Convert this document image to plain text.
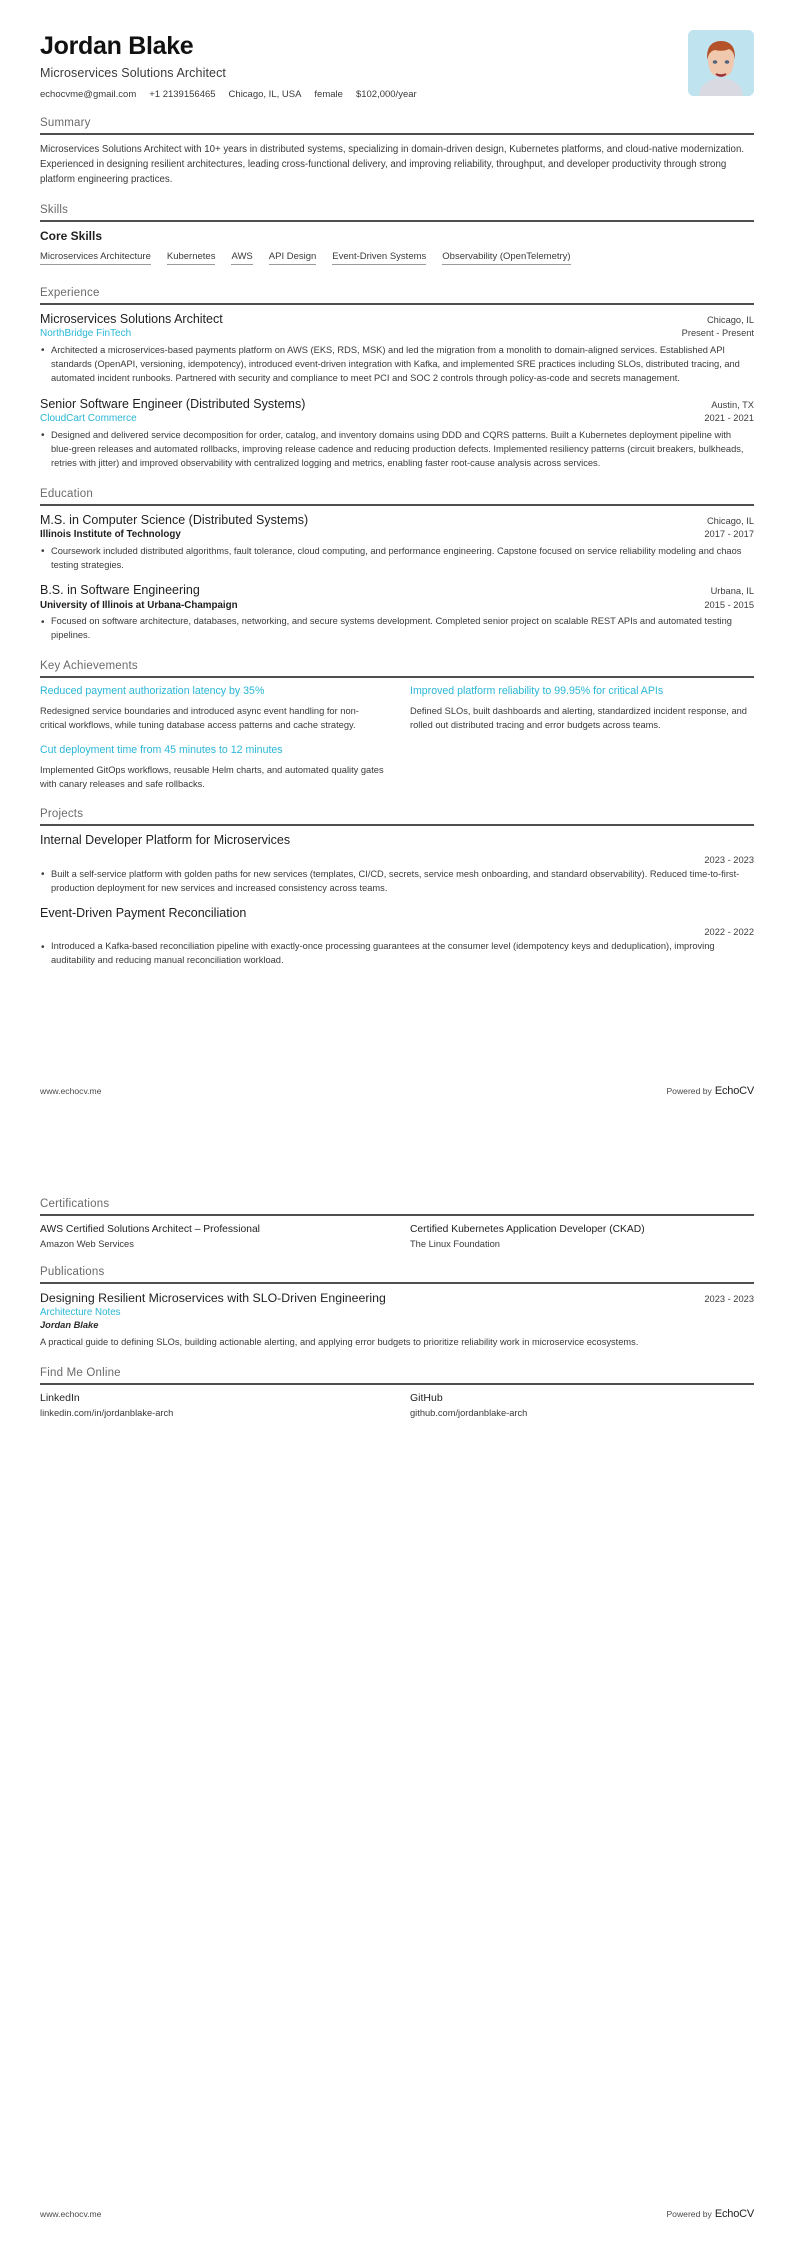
Jordan Blake
Microservices Solutions Architect
echocvme@gmail.com +1 2139156465 Chicago, IL, USA female $102,000/year
Summary
Microservices Solutions Architect with 10+ years in distributed systems, specializing in domain-driven design, Kubernetes platforms, and cloud-native modernization. Experienced in designing resilient architectures, leading cross-functional delivery, and improving reliability, throughput, and developer productivity through strong platform engineering practices.
Skills
Core Skills
Microservices Architecture Kubernetes AWS API Design Event-Driven Systems Observability (OpenTelemetry)
Experience
Microservices Solutions Architect	Chicago, IL
NorthBridge FinTech	Present - Present
• Architected a microservices-based payments platform on AWS (EKS, RDS, MSK) and led the migration from a monolith to domain-aligned services. Established API standards (OpenAPI, versioning, idempotency), introduced event-driven integration with Kafka, and implemented SRE practices including SLOs, distributed tracing, and automated incident runbooks. Partnered with security and compliance to meet PCI and SOC 2 controls through policy-as-code and secrets management.
Senior Software Engineer (Distributed Systems)	Austin, TX
CloudCart Commerce	2021 - 2021
• Designed and delivered service decomposition for order, catalog, and inventory domains using DDD and CQRS patterns. Built a Kubernetes deployment pipeline with blue-green releases and automated rollbacks, improving release cadence and reducing production defects. Implemented resiliency patterns (circuit breakers, bulkheads, retries with jitter) and improved observability with centralized logging and metrics, enabling faster root-cause analysis across services.
Education
M.S. in Computer Science (Distributed Systems)	Chicago, IL
Illinois Institute of Technology	2017 - 2017
• Coursework included distributed algorithms, fault tolerance, cloud computing, and performance engineering. Capstone focused on service reliability modeling and chaos testing strategies.
B.S. in Software Engineering	Urbana, IL
University of Illinois at Urbana-Champaign	2015 - 2015
• Focused on software architecture, databases, networking, and secure systems development. Completed senior project on scalable REST APIs and automated testing pipelines.
Key Achievements
Reduced payment authorization latency by 35%
Redesigned service boundaries and introduced async event handling for non-critical workflows, while tuning database access patterns and cache strategy.
Improved platform reliability to 99.95% for critical APIs
Defined SLOs, built dashboards and alerting, standardized incident response, and rolled out distributed tracing and error budgets across teams.
Cut deployment time from 45 minutes to 12 minutes
Implemented GitOps workflows, reusable Helm charts, and automated quality gates with canary releases and safe rollbacks.
Projects
Internal Developer Platform for Microservices
2023 - 2023
• Built a self-service platform with golden paths for new services (templates, CI/CD, secrets, service mesh onboarding, and standard observability). Reduced time-to-first-production deployment for new services and increased consistency across teams.
Event-Driven Payment Reconciliation
2022 - 2022
• Introduced a Kafka-based reconciliation pipeline with exactly-once processing guarantees at the consumer level (idempotency keys and deduplication), improving auditability and reducing manual reconciliation workload.
www.echocv.me	Powered by EchoCV
Certifications
AWS Certified Solutions Architect – Professional
Amazon Web Services
Certified Kubernetes Application Developer (CKAD)
The Linux Foundation
Publications
Designing Resilient Microservices with SLO-Driven Engineering	2023 - 2023
Architecture Notes
Jordan Blake
A practical guide to defining SLOs, building actionable alerting, and applying error budgets to prioritize reliability work in microservice ecosystems.
Find Me Online
LinkedIn
linkedin.com/in/jordanblake-arch
GitHub
github.com/jordanblake-arch
www.echocv.me	Powered by EchoCV
